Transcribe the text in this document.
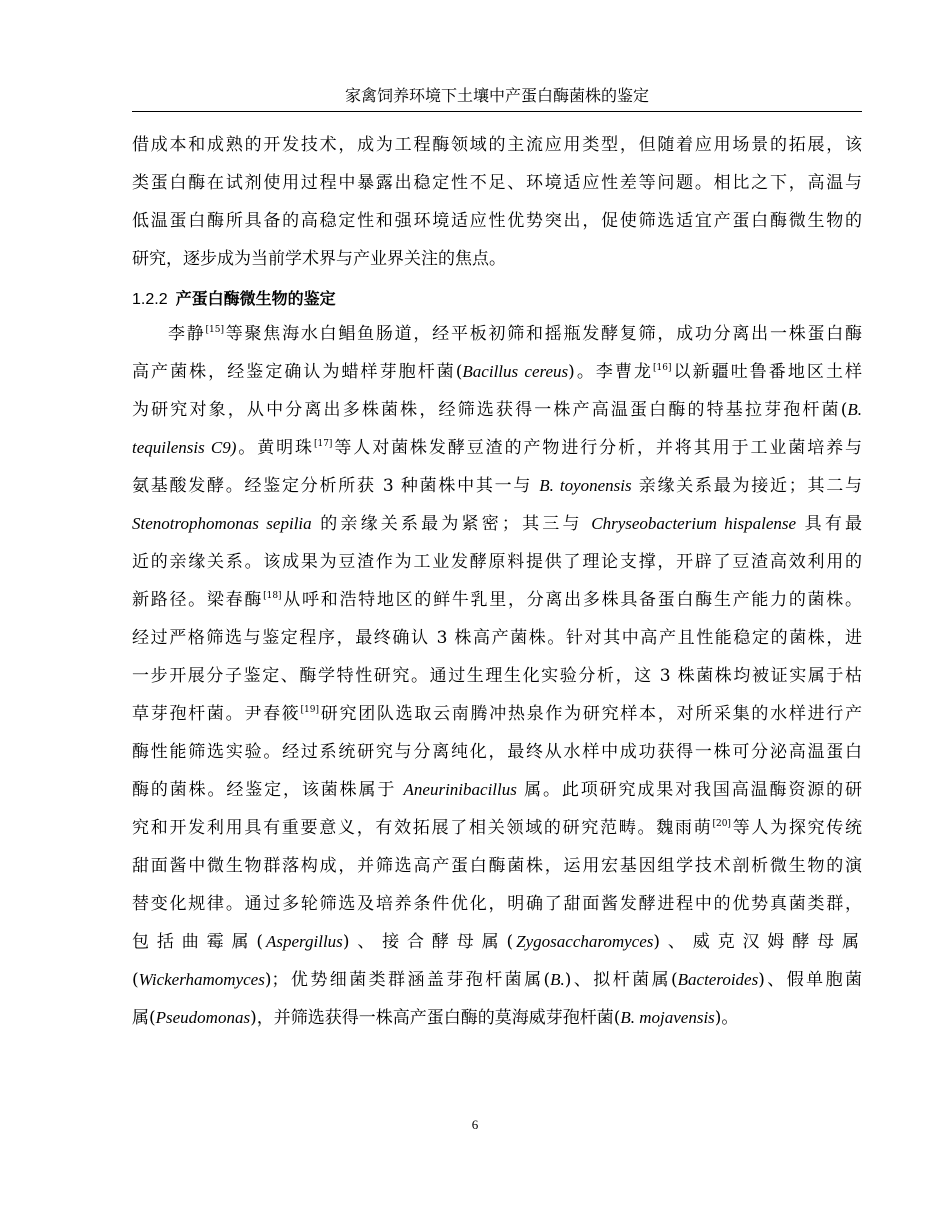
家禽饲养环境下土壤中产蛋白酶菌株的鉴定
借成本和成熟的开发技术，成为工程酶领域的主流应用类型，但随着应用场景的拓展，该
类蛋白酶在试剂使用过程中暴露出稳定性不足、环境适应性差等问题。相比之下，高温与
低温蛋白酶所具备的高稳定性和强环境适应性优势突出，促使筛选适宜产蛋白酶微生物的
研究，逐步成为当前学术界与产业界关注的焦点。
1.2.2 产蛋白酶微生物的鉴定
李静[15]等聚焦海水白鲳鱼肠道，经平板初筛和摇瓶发酵复筛，成功分离出一株蛋白酶
高产菌株，经鉴定确认为蜡样芽胞杆菌(Bacillus cereus)。李曹龙[16]以新疆吐鲁番地区土样
为研究对象，从中分离出多株菌株，经筛选获得一株产高温蛋白酶的特基拉芽孢杆菌(B.
tequilensis C9)。黄明珠[17]等人对菌株发酵豆渣的产物进行分析，并将其用于工业菌培养与
氨基酸发酵。经鉴定分析所获 3 种菌株中其一与 B. toyonensis 亲缘关系最为接近；其二与
Stenotrophomonas sepilia 的亲缘关系最为紧密；其三与 Chryseobacterium hispalense 具有最
近的亲缘关系。该成果为豆渣作为工业发酵原料提供了理论支撑，开辟了豆渣高效利用的
新路径。梁春酶[18]从呼和浩特地区的鲜牛乳里，分离出多株具备蛋白酶生产能力的菌株。
经过严格筛选与鉴定程序，最终确认 3 株高产菌株。针对其中高产且性能稳定的菌株，进
一步开展分子鉴定、酶学特性研究。通过生理生化实验分析，这 3 株菌株均被证实属于枯
草芽孢杆菌。尹春筱[19]研究团队选取云南腾冲热泉作为研究样本，对所采集的水样进行产
酶性能筛选实验。经过系统研究与分离纯化，最终从水样中成功获得一株可分泌高温蛋白
酶的菌株。经鉴定，该菌株属于 Aneurinibacillus 属。此项研究成果对我国高温酶资源的研
究和开发利用具有重要意义，有效拓展了相关领域的研究范畴。魏雨萌[20]等人为探究传统
甜面酱中微生物群落构成，并筛选高产蛋白酶菌株，运用宏基因组学技术剖析微生物的演
替变化规律。通过多轮筛选及培养条件优化，明确了甜面酱发酵进程中的优势真菌类群，
包括曲霉属(Aspergillus)、接合酵母属(Zygosaccharomyces)、威克汉姆酵母属
(Wickerhamomyces)；优势细菌类群涵盖芽孢杆菌属(B.)、拟杆菌属(Bacteroides)、假单胞菌
属(Pseudomonas)，并筛选获得一株高产蛋白酶的莫海威芽孢杆菌(B. mojavensis)。
6
